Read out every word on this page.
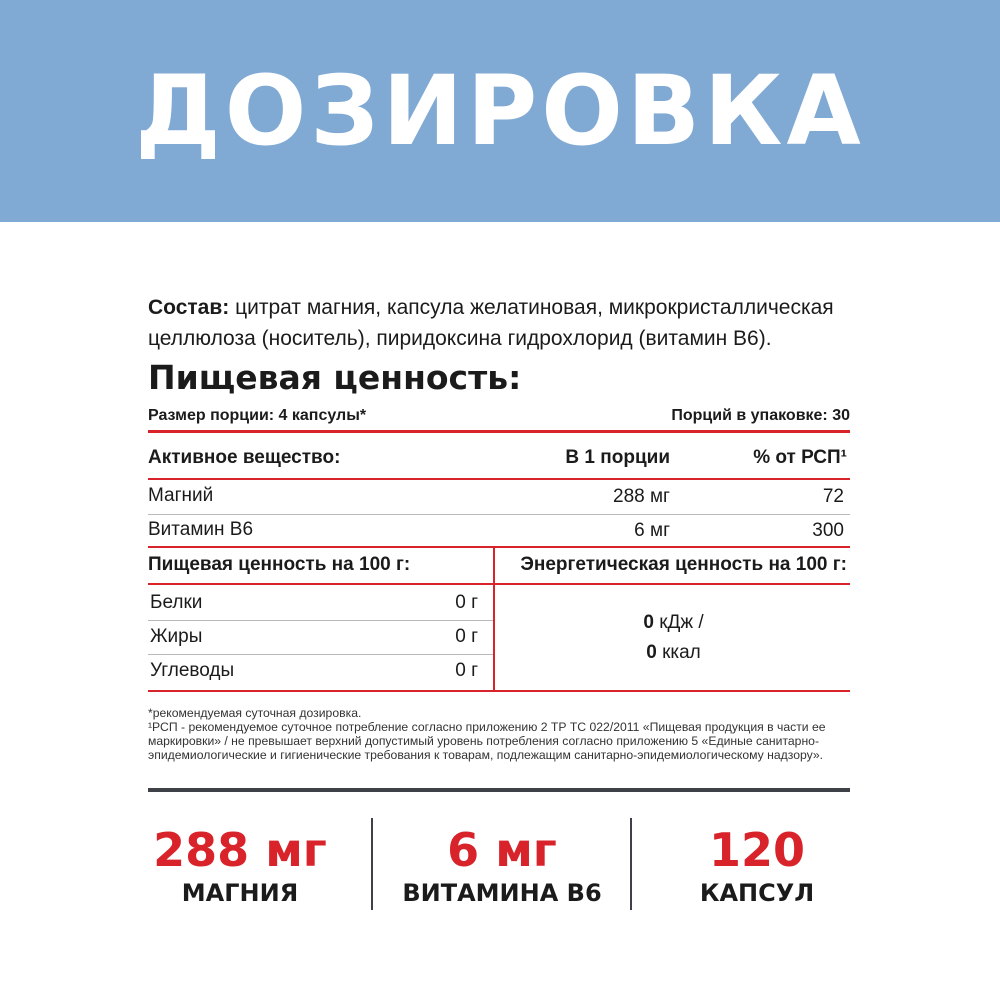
ДОЗИРОВКА
Состав: цитрат магния, капсула желатиновая, микрокристаллическая целлюлоза (носитель), пиридоксина гидрохлорид (витамин В6).
Пищевая ценность:
Размер порции: 4 капсулы*	Порций в упаковке: 30
Активное вещество:	В 1 порции	% от РСП¹
Магний	288 мг	72
Витамин В6	6 мг	300
Пищевая ценность на 100 г:	Энергетическая ценность на 100 г:
Белки	0 г
Жиры	0 г
Углеводы	0 г
0 кДж /
0 ккал
*рекомендуемая суточная дозировка.
¹РСП - рекомендуемое суточное потребление согласно приложению 2 ТР ТС 022/2011 «Пищевая продукция в части ее маркировки» / не превышает верхний допустимый уровень потребления согласно приложению 5 «Единые санитарно-эпидемиологические и гигиенические требования к товарам, подлежащим санитарно-эпидемиологическому надзору».
288 мг
МАГНИЯ
6 мг
ВИТАМИНА В6
120
КАПСУЛ
